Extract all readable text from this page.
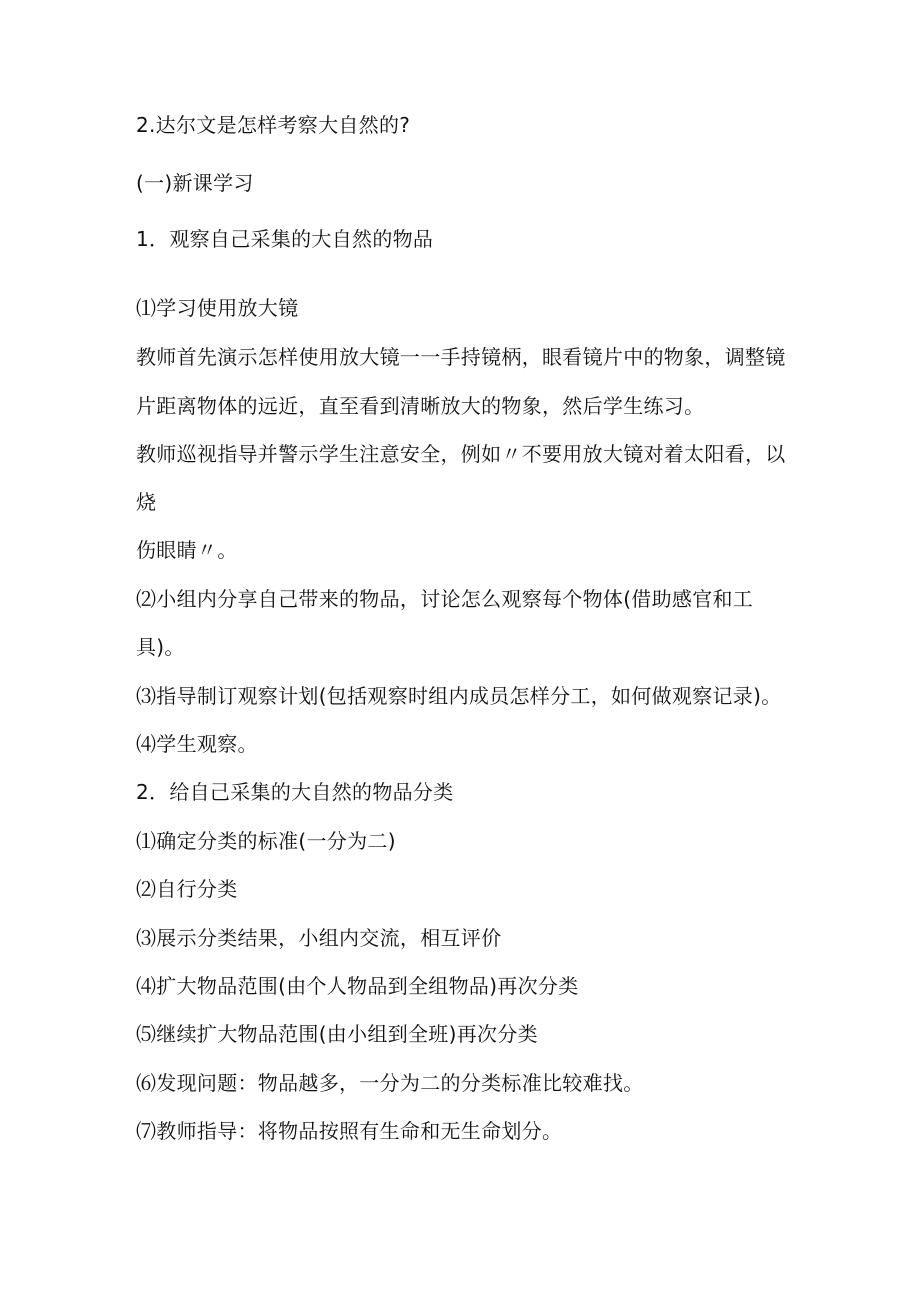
2.达尔文是怎样考察大自然的?
(一)新课学习
1．观察自己采集的大自然的物品
⑴学习使用放大镜
教师首先演示怎样使用放大镜一一手持镜柄，眼看镜片中的物象，调整镜
片距离物体的远近，直至看到清晰放大的物象，然后学生练习。
教师巡视指导并警示学生注意安全，例如〃不要用放大镜对着太阳看，以
烧
伤眼睛〃。
⑵小组内分享自己带来的物品，讨论怎么观察每个物体(借助感官和工
具)。
⑶指导制订观察计划(包括观察时组内成员怎样分工，如何做观察记录)。
⑷学生观察。
2．给自己采集的大自然的物品分类
⑴确定分类的标准(一分为二)
⑵自行分类
⑶展示分类结果，小组内交流，相互评价
⑷扩大物品范围(由个人物品到全组物品)再次分类
⑸继续扩大物品范围(由小组到全班)再次分类
⑹发现问题：物品越多，一分为二的分类标准比较难找。
⑺教师指导：将物品按照有生命和无生命划分。
